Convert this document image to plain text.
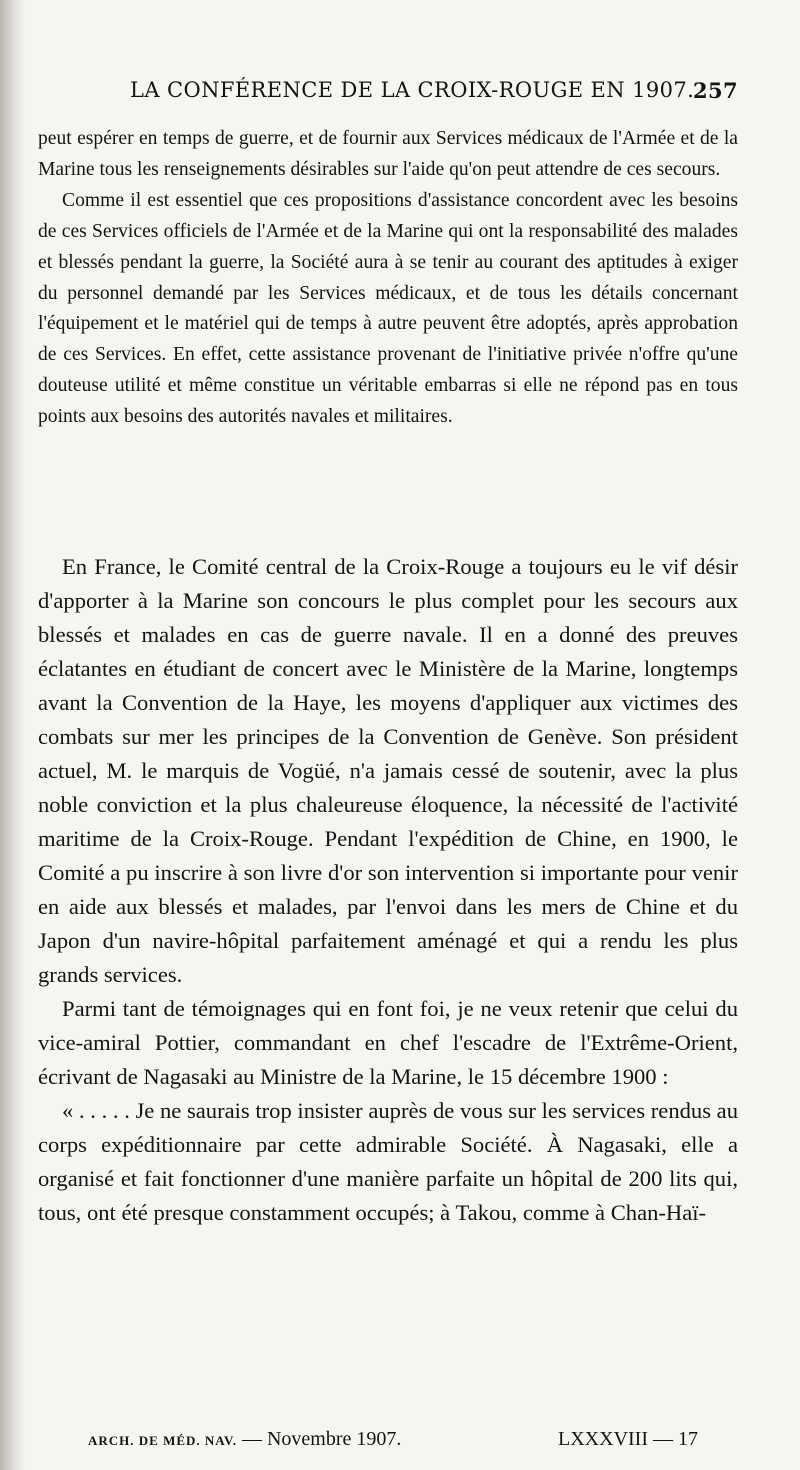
LA CONFÉRENCE DE LA CROIX-ROUGE EN 1907.
257

peut espérer en temps de guerre, et de fournir aux Services médicaux de l'Armée et de la Marine tous les renseignements désirables sur l'aide qu'on peut attendre de ces secours.

Comme il est essentiel que ces propositions d'assistance concordent avec les besoins de ces Services officiels de l'Armée et de la Marine qui ont la responsabilité des malades et blessés pendant la guerre, la Société aura à se tenir au courant des aptitudes à exiger du personnel demandé par les Services médicaux, et de tous les détails concernant l'équipement et le matériel qui de temps à autre peuvent être adoptés, après approbation de ces Services. En effet, cette assistance provenant de l'initiative privée n'offre qu'une douteuse utilité et même constitue un véritable embarras si elle ne répond pas en tous points aux besoins des autorités navales et militaires.

En France, le Comité central de la Croix-Rouge a toujours eu le vif désir d'apporter à la Marine son concours le plus complet pour les secours aux blessés et malades en cas de guerre navale. Il en a donné des preuves éclatantes en étudiant de concert avec le Ministère de la Marine, longtemps avant la Convention de la Haye, les moyens d'appliquer aux victimes des combats sur mer les principes de la Convention de Genève. Son président actuel, M. le marquis de Vogüé, n'a jamais cessé de soutenir, avec la plus noble conviction et la plus chaleureuse éloquence, la nécessité de l'activité maritime de la Croix-Rouge. Pendant l'expédition de Chine, en 1900, le Comité a pu inscrire à son livre d'or son intervention si importante pour venir en aide aux blessés et malades, par l'envoi dans les mers de Chine et du Japon d'un navire-hôpital parfaitement aménagé et qui a rendu les plus grands services.

Parmi tant de témoignages qui en font foi, je ne veux retenir que celui du vice-amiral Pottier, commandant en chef l'escadre de l'Extrême-Orient, écrivant de Nagasaki au Ministre de la Marine, le 15 décembre 1900 :

« . . . . . Je ne saurais trop insister auprès de vous sur les services rendus au corps expéditionnaire par cette admirable Société. À Nagasaki, elle a organisé et fait fonctionner d'une manière parfaite un hôpital de 200 lits qui, tous, ont été presque constamment occupés; à Takou, comme à Chan-Haï-

ARCH. DE MÉD. NAV. — Novembre 1907.	LXXXVIII — 17
